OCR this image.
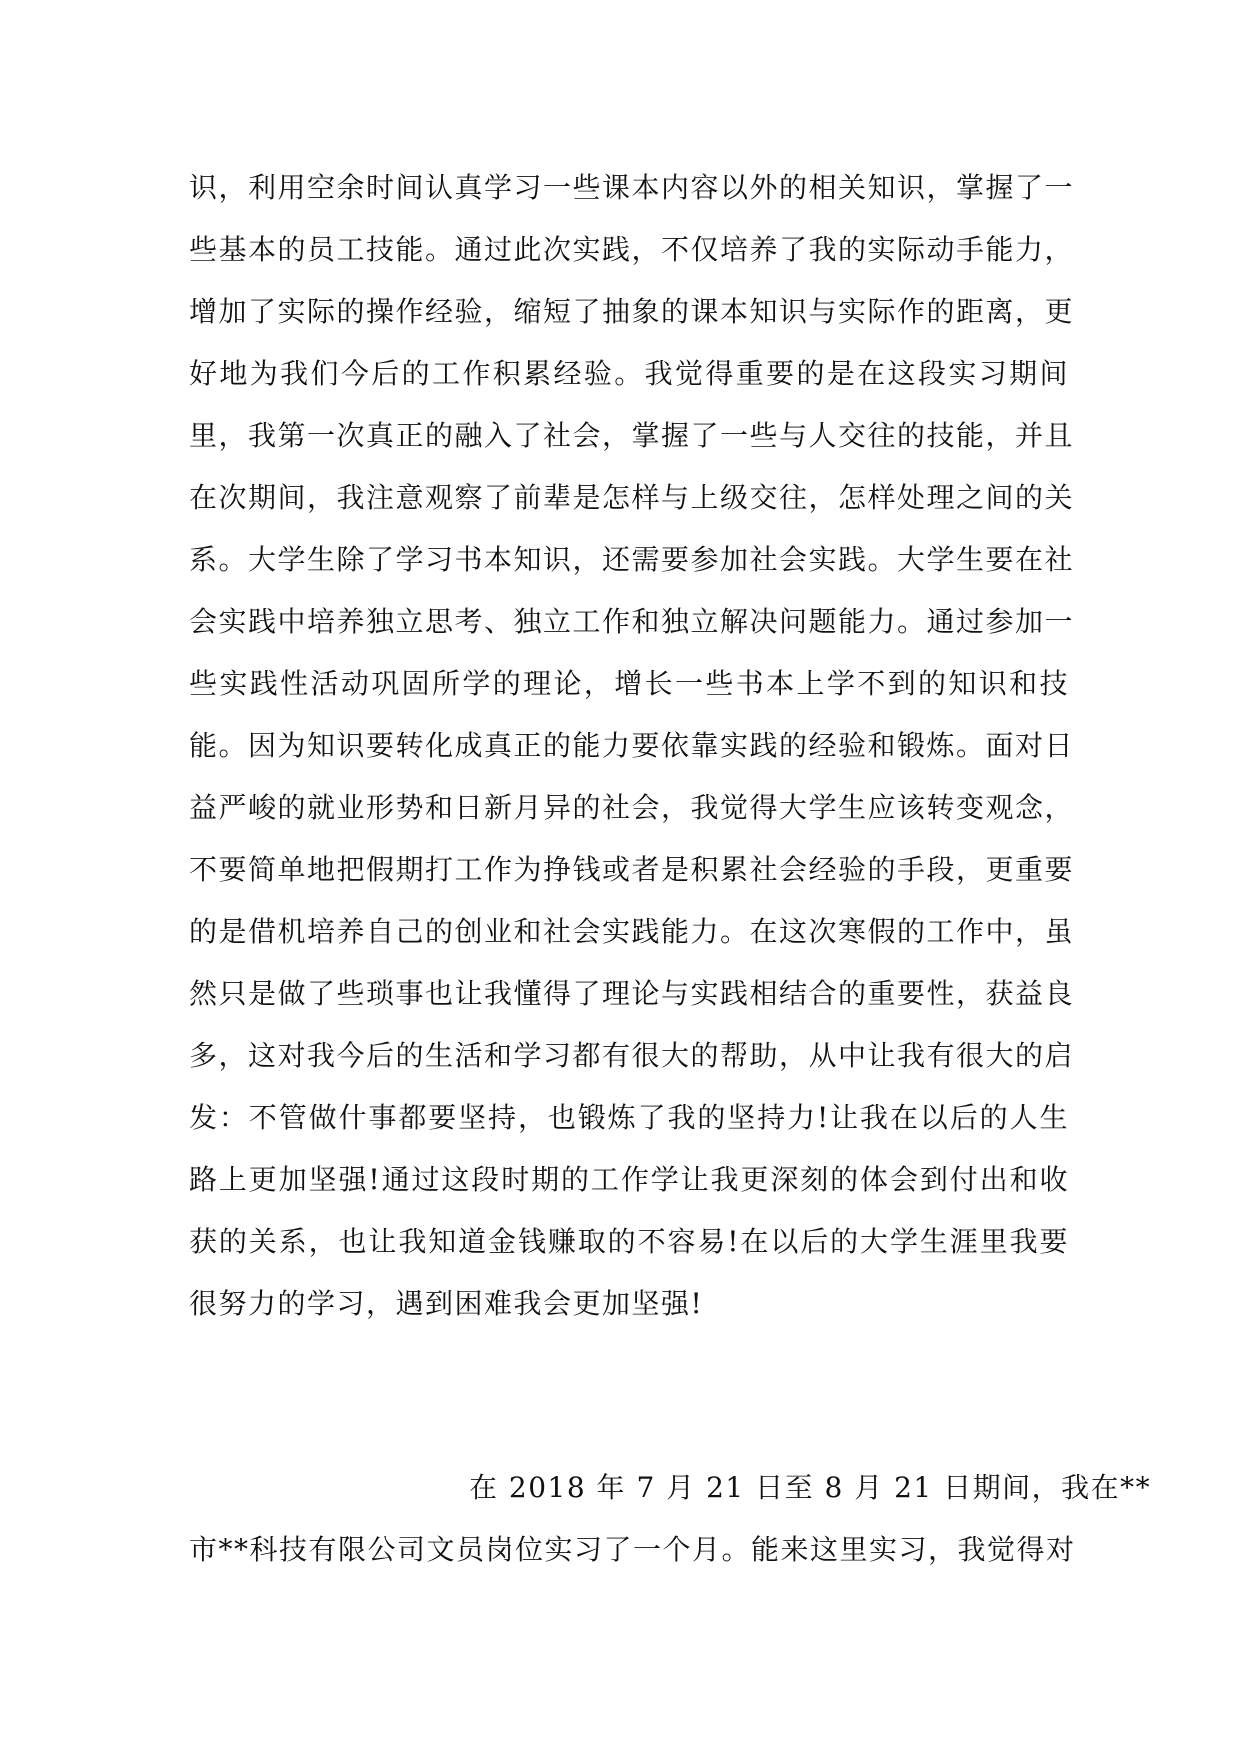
识，利用空余时间认真学习一些课本内容以外的相关知识，掌握了一
些基本的员工技能。通过此次实践，不仅培养了我的实际动手能力，
增加了实际的操作经验，缩短了抽象的课本知识与实际作的距离，更
好地为我们今后的工作积累经验。我觉得重要的是在这段实习期间
里，我第一次真正的融入了社会，掌握了一些与人交往的技能，并且
在次期间，我注意观察了前辈是怎样与上级交往，怎样处理之间的关
系。大学生除了学习书本知识，还需要参加社会实践。大学生要在社
会实践中培养独立思考、独立工作和独立解决问题能力。通过参加一
些实践性活动巩固所学的理论，增长一些书本上学不到的知识和技
能。因为知识要转化成真正的能力要依靠实践的经验和锻炼。面对日
益严峻的就业形势和日新月异的社会，我觉得大学生应该转变观念，
不要简单地把假期打工作为挣钱或者是积累社会经验的手段，更重要
的是借机培养自己的创业和社会实践能力。在这次寒假的工作中，虽
然只是做了些琐事也让我懂得了理论与实践相结合的重要性，获益良
多，这对我今后的生活和学习都有很大的帮助，从中让我有很大的启
发：不管做什事都要坚持，也锻炼了我的坚持力!让我在以后的人生
路上更加坚强!通过这段时期的工作学让我更深刻的体会到付出和收
获的关系，也让我知道金钱赚取的不容易!在以后的大学生涯里我要
很努力的学习，遇到困难我会更加坚强!
在 2018 年 7 月 21 日至 8 月 21 日期间，我在**
市**科技有限公司文员岗位实习了一个月。能来这里实习，我觉得对
